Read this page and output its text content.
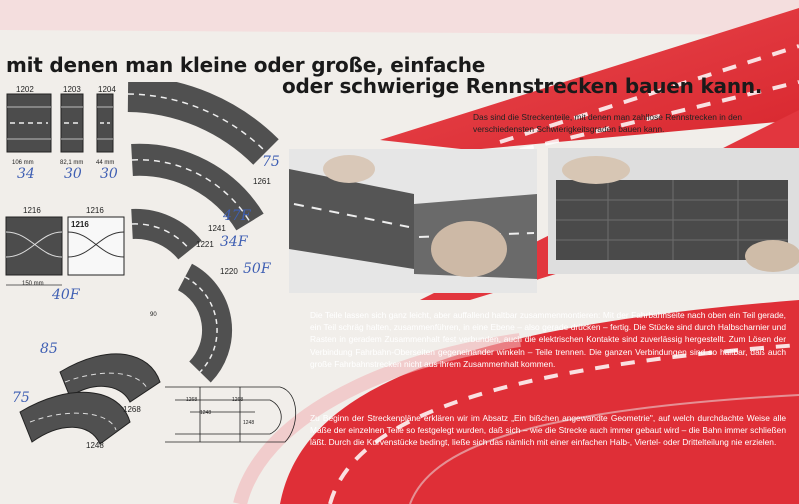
mit denen man kleine oder große, einfache
oder schwierige Rennstrecken bauen kann.
Das sind die Streckenteile, mit denen man zahllose Rennstrecken in den verschiedensten Schwierigkeitsgraden bauen kann.
1202	1203 1204
106 mm	82,1 mm 44 mm
34 30 30
75
1261
47F
1241
34F
1221
50F
1220
90
1216	1216
1216
150 mm
40F
85
75
1268
1248
1268	1268
1248
1248
Die Teile lassen sich ganz leicht, aber auffallend haltbar zusammenmontieren: Mit der Fahrbahnseite nach oben ein Teil gerade, ein Teil schräg halten, zusammenführen, in eine Ebene – also gerade drücken – fertig. Die Stücke sind durch Halbscharnier und Rasten in geradem Zusammenhalt fest verbunden, auch die elektrischen Kontakte sind zuverlässig hergestellt. Zum Lösen der Verbindung Fahrbahn-Oberseiten gegeneinander winkeln – Teile trennen. Die ganzen Verbindungen sind so haltbar, daß auch große Fahrbahnstrecken nicht aus ihrem Zusammenhalt kommen.
Zu Beginn der Streckenpläne erklären wir im Absatz „Ein bißchen angewandte Geometrie", auf welch durchdachte Weise alle Maße der einzelnen Teile so festgelegt wurden, daß sich – wie die Strecke auch immer gebaut wird – die Bahn immer schließen läßt. Durch die Kurvenstücke bedingt, ließe sich das nämlich mit einer einfachen Halb-, Viertel- oder Drittelteilung nie erzielen.
